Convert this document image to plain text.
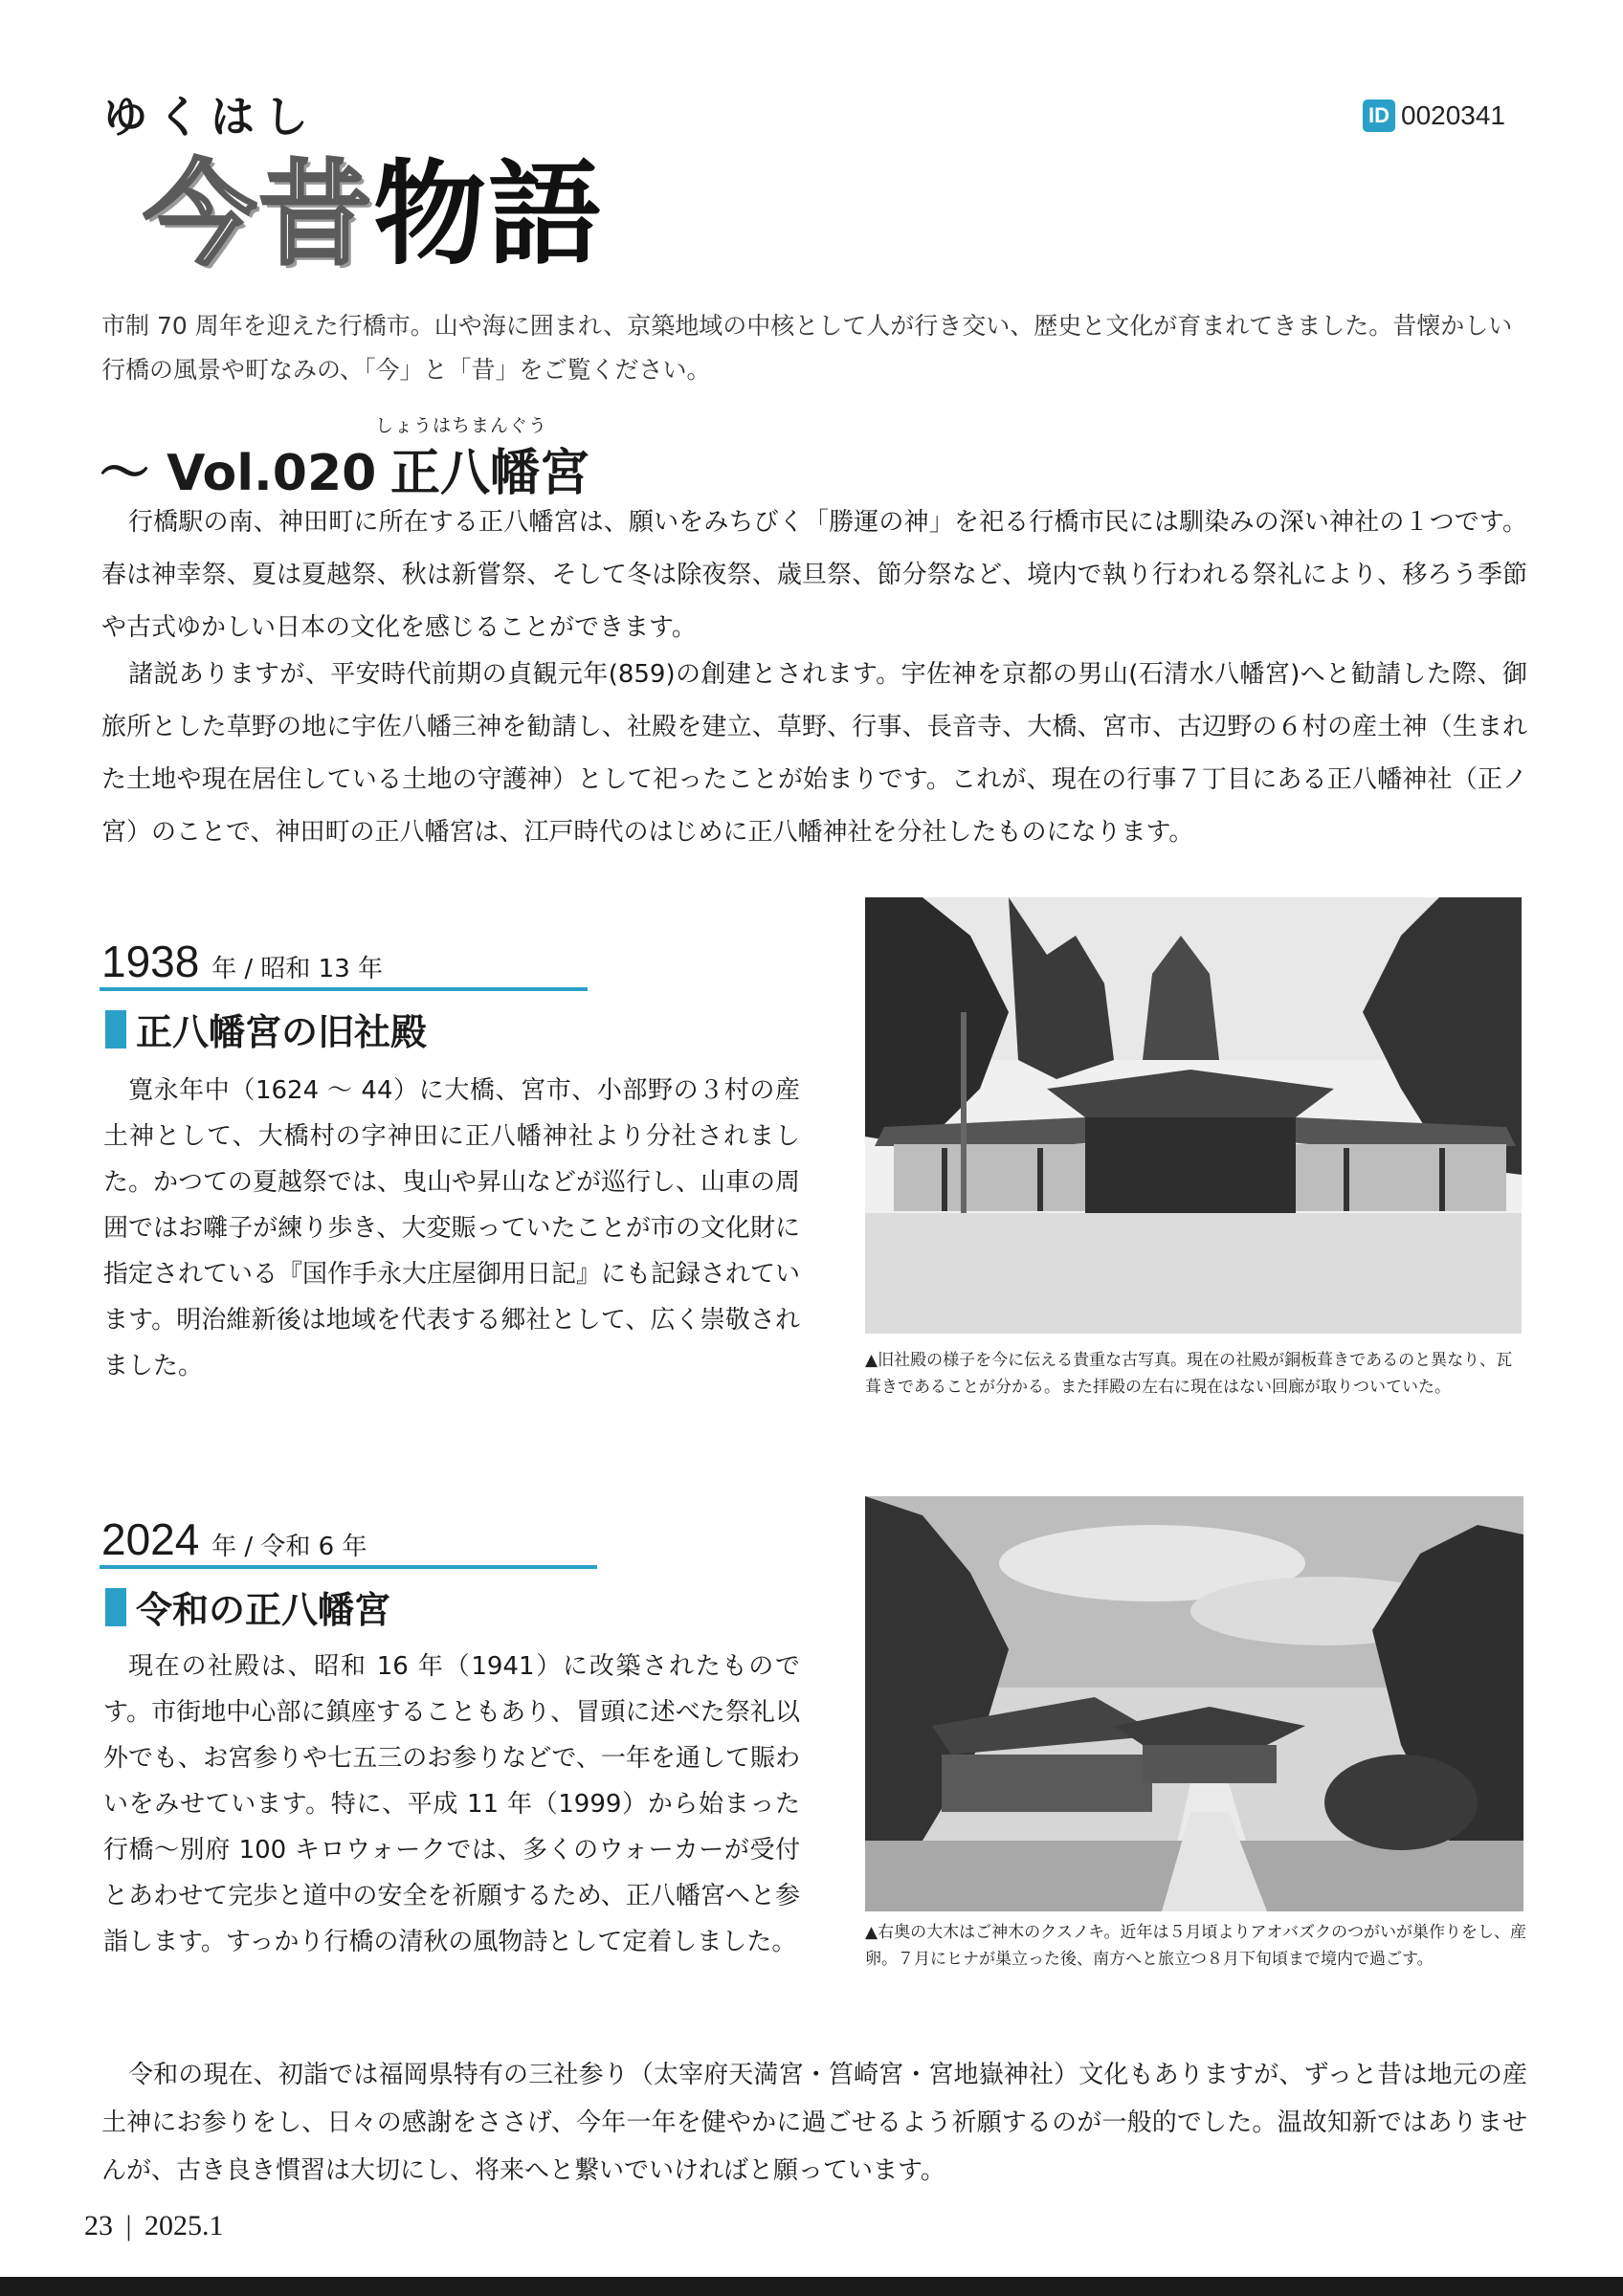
ゆくはし
今昔物語
ID 0020341
市制 70 周年を迎えた行橋市。山や海に囲まれ、京築地域の中核として人が行き交い、歴史と文化が育まれてきました。昔懐かしい行橋の風景や町なみの、「今」と「昔」をご覧ください。
～ Vol.020
しょうはちまんぐう
正八幡宮
行橋駅の南、神田町に所在する正八幡宮は、願いをみちびく「勝運の神」を祀る行橋市民には馴染みの深い神社の１つです。春は神幸祭、夏は夏越祭、秋は新嘗祭、そして冬は除夜祭、歳旦祭、節分祭など、境内で執り行われる祭礼により、移ろう季節や古式ゆかしい日本の文化を感じることができます。
諸説ありますが、平安時代前期の貞観元年(859)の創建とされます。宇佐神を京都の男山(石清水八幡宮)へと勧請した際、御旅所とした草野の地に宇佐八幡三神を勧請し、社殿を建立、草野、行事、長音寺、大橋、宮市、古辺野の６村の産土神（生まれた土地や現在居住している土地の守護神）として祀ったことが始まりです。これが、現在の行事７丁目にある正八幡神社（正ノ宮）のことで、神田町の正八幡宮は、江戸時代のはじめに正八幡神社を分社したものになります。
1938 年 / 昭和 13 年
正八幡宮の旧社殿
寛永年中（1624 ～ 44）に大橋、宮市、小部野の３村の産土神として、大橋村の字神田に正八幡神社より分社されました。かつての夏越祭では、曳山や昇山などが巡行し、山車の周囲ではお囃子が練り歩き、大変賑っていたことが市の文化財に指定されている『国作手永大庄屋御用日記』にも記録されています。明治維新後は地域を代表する郷社として、広く崇敬されました。	▲旧社殿の様子を今に伝える貴重な古写真。現在の社殿が銅板葺きであるのと異なり、瓦葺きであることが分かる。また拝殿の左右に現在はない回廊が取りついていた。
2024 年 / 令和 6 年
令和の正八幡宮
現在の社殿は、昭和 16 年（1941）に改築されたものです。市街地中心部に鎮座することもあり、冒頭に述べた祭礼以外でも、お宮参りや七五三のお参りなどで、一年を通して賑わいをみせています。特に、平成 11 年（1999）から始まった行橋～別府 100 キロウォークでは、多くのウォーカーが受付とあわせて完歩と道中の安全を祈願するため、正八幡宮へと参詣します。すっかり行橋の清秋の風物詩として定着しました。	▲右奥の大木はご神木のクスノキ。近年は５月頃よりアオバズクのつがいが巣作りをし、産卵。７月にヒナが巣立った後、南方へと旅立つ８月下旬頃まで境内で過ごす。
令和の現在、初詣では福岡県特有の三社参り（太宰府天満宮・筥崎宮・宮地嶽神社）文化もありますが、ずっと昔は地元の産土神にお参りをし、日々の感謝をささげ、今年一年を健やかに過ごせるよう祈願するのが一般的でした。温故知新ではありませんが、古き良き慣習は大切にし、将来へと繋いでいければと願っています。
23 | 2025.1
